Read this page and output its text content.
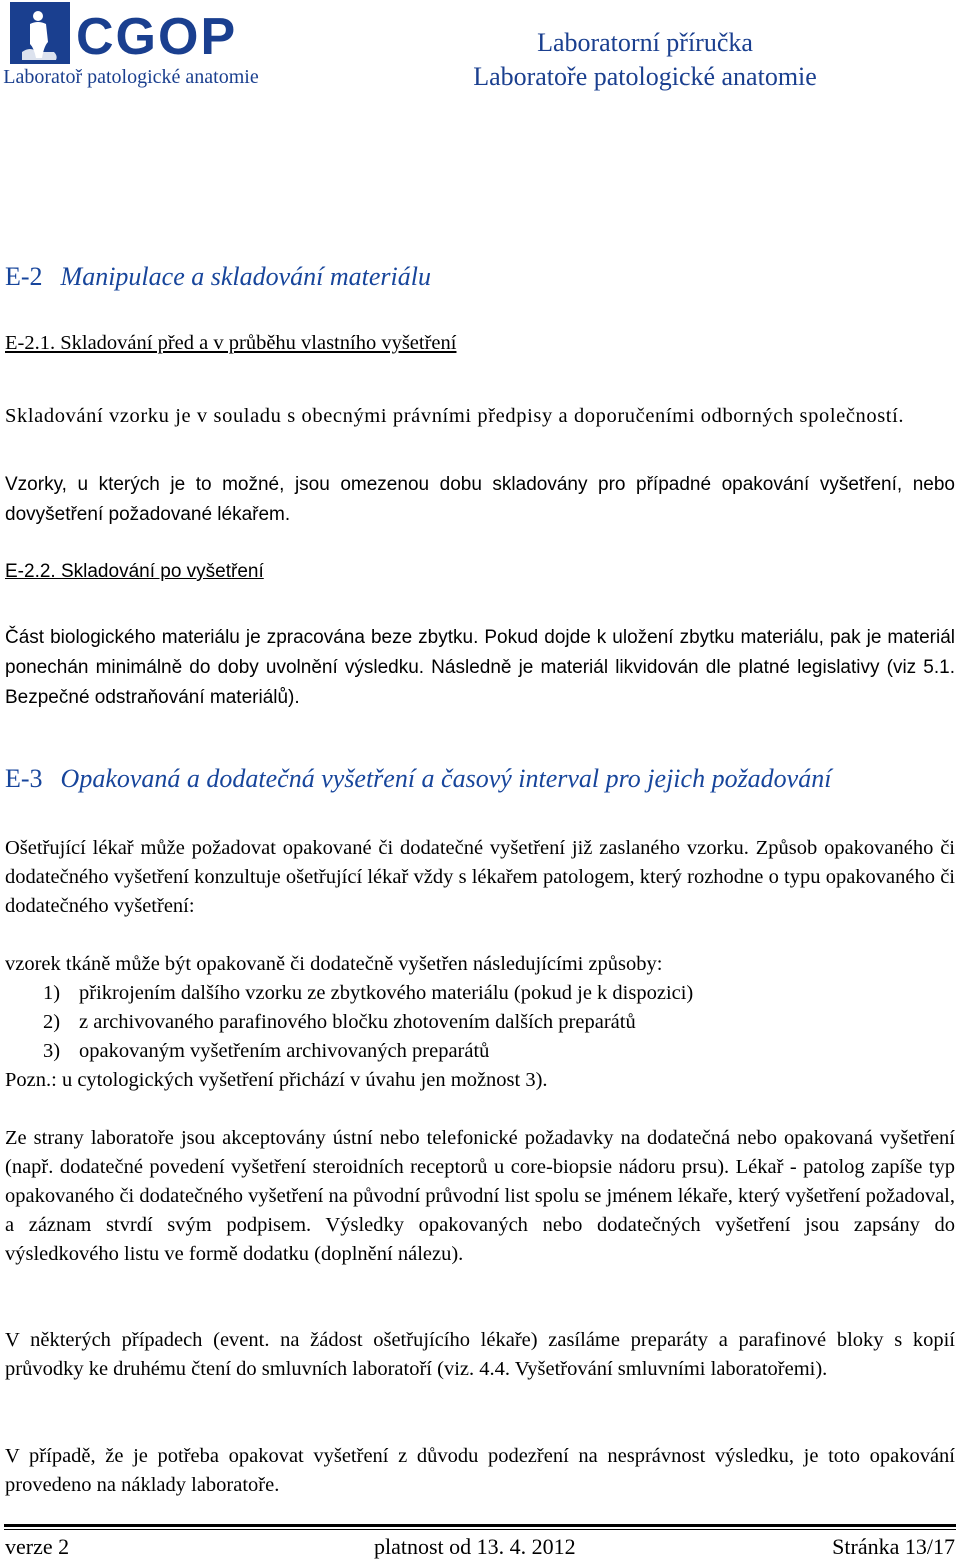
CGOP
Laboratoř patologické anatomie
Laboratorní příručka
Laboratoře patologické anatomie
E-2 Manipulace a skladování materiálu
E-2.1. Skladování před a v průběhu vlastního vyšetření
Skladování vzorku je v souladu s obecnými právními předpisy a doporučeními odborných společností.
Vzorky, u kterých je to možné, jsou omezenou dobu skladovány pro případné opakování vyšetření, nebo dovyšetření požadované lékařem.
E-2.2. Skladování po vyšetření
Část biologického materiálu je zpracována beze zbytku. Pokud dojde k uložení zbytku materiálu, pak je materiál ponechán minimálně do doby uvolnění výsledku. Následně je materiál likvidován dle platné legislativy (viz 5.1. Bezpečné odstraňování materiálů).
E-3 Opakovaná a dodatečná vyšetření a časový interval pro jejich požadování
Ošetřující lékař může požadovat opakované či dodatečné vyšetření již zaslaného vzorku. Způsob opakovaného či dodatečného vyšetření konzultuje ošetřující lékař vždy s lékařem patologem, který rozhodne o typu opakovaného či dodatečného vyšetření:
vzorek tkáně může být opakovaně či dodatečně vyšetřen následujícími způsoby:
1) přikrojením dalšího vzorku ze zbytkového materiálu (pokud je k dispozici)
2) z archivovaného parafinového bločku zhotovením dalších preparátů
3) opakovaným vyšetřením archivovaných preparátů
Pozn.: u cytologických vyšetření přichází v úvahu jen možnost 3).
Ze strany laboratoře jsou akceptovány ústní nebo telefonické požadavky na dodatečná nebo opakovaná vyšetření (např. dodatečné povedení vyšetření steroidních receptorů u core-biopsie nádoru prsu). Lékař - patolog zapíše typ opakovaného či dodatečného vyšetření na původní průvodní list spolu se jménem lékaře, který vyšetření požadoval, a záznam stvrdí svým podpisem. Výsledky opakovaných nebo dodatečných vyšetření jsou zapsány do výsledkového listu ve formě dodatku (doplnění nálezu).
V některých případech (event. na žádost ošetřujícího lékaře) zasíláme preparáty a parafinové bloky s kopií průvodky ke druhému čtení do smluvních laboratoří (viz. 4.4. Vyšetřování smluvními laboratořemi).
V případě, že je potřeba opakovat vyšetření z důvodu podezření na nesprávnost výsledku, je toto opakování provedeno na náklady laboratoře.
verze 2	platnost od 13. 4. 2012	Stránka 13/17
